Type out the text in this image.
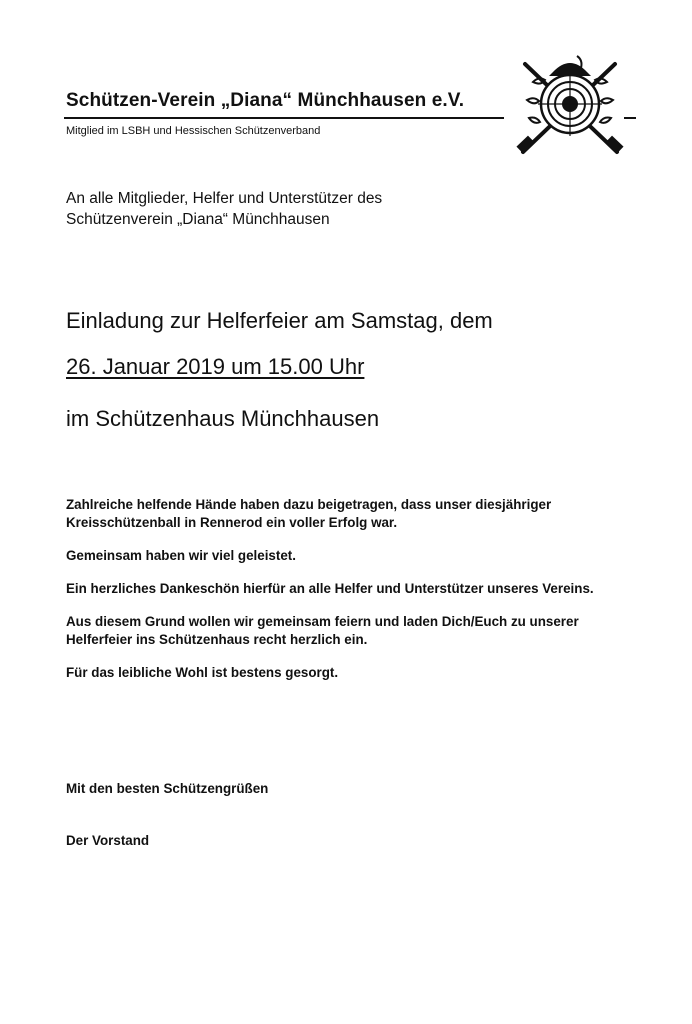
Schützen-Verein „Diana“ Münchhausen e.V.
Mitglied im LSBH und Hessischen Schützenverband
An alle Mitglieder, Helfer und Unterstützer des
Schützenverein „Diana“ Münchhausen
Einladung zur Helferfeier am Samstag, dem
26. Januar 2019 um 15.00 Uhr
im Schützenhaus Münchhausen

Zahlreiche helfende Hände haben dazu beigetragen, dass unser diesjähriger
Kreisschützenball in Rennerod ein voller Erfolg war.

Gemeinsam haben wir viel geleistet.

Ein herzliches Dankeschön hierfür an alle Helfer und Unterstützer unseres Vereins.

Aus diesem Grund wollen wir gemeinsam feiern und laden Dich/Euch zu unserer
Helferfeier ins Schützenhaus recht herzlich ein.

Für das leibliche Wohl ist bestens gesorgt.

Mit den besten Schützengrüßen
Der Vorstand
